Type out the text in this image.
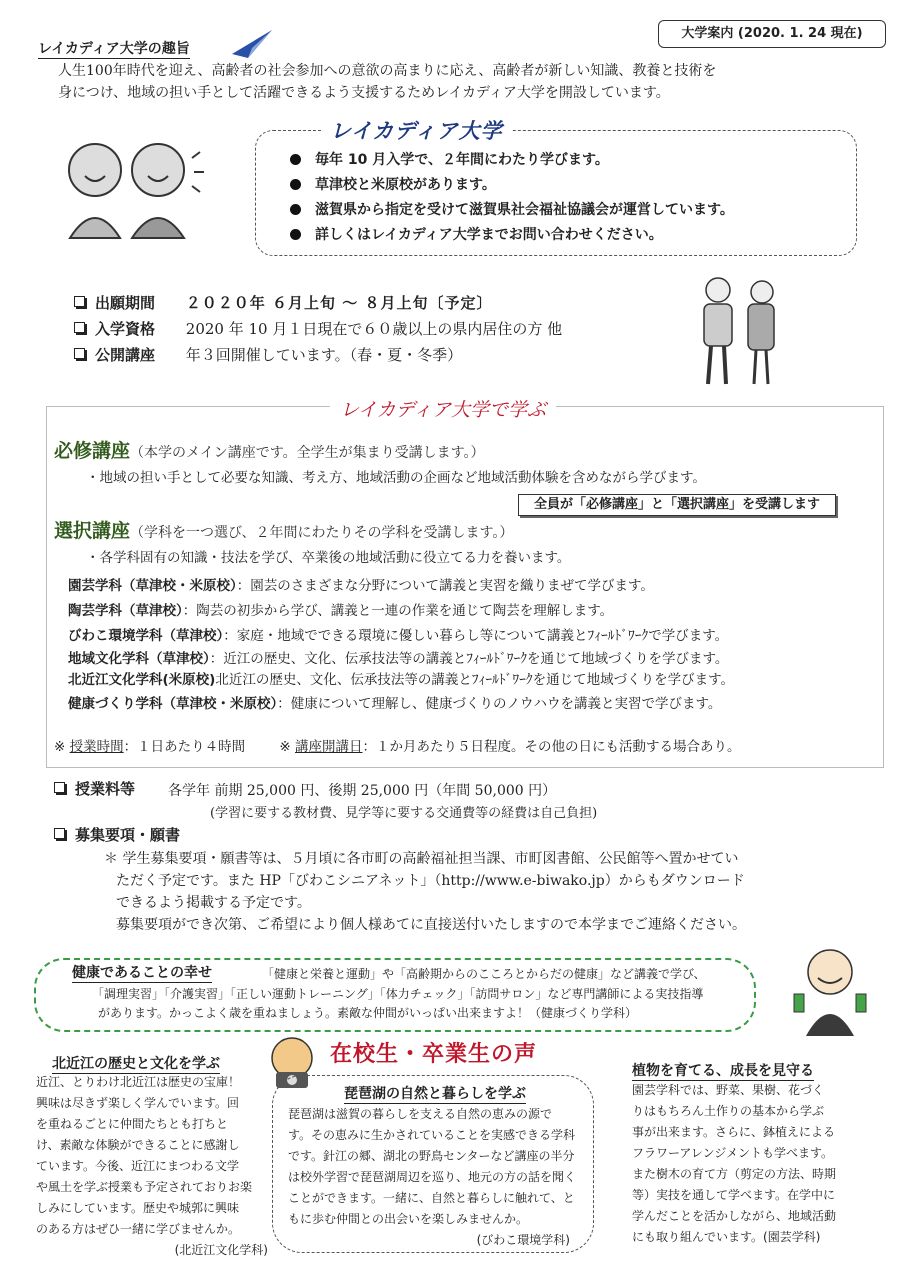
大学案内 (2020. 1. 24 現在)
レイカディア大学の趣旨
人生100年時代を迎え、高齢者の社会参加への意欲の高まりに応え、高齢者が新しい知識、教養と技術を
身につけ、地域の担い手として活躍できるよう支援するためレイカディア大学を開設しています。
レイカディア大学
毎年 10 月入学で、２年間にわたり学びます。
草津校と米原校があります。
滋賀県から指定を受けて滋賀県社会福祉協議会が運営しています。
詳しくはレイカディア大学までお問い合わせください。
出願期間 ２０２０年 ６月上旬 ～ ８月上旬〔予定〕
入学資格 2020 年 10 月１日現在で６０歳以上の県内居住の方 他
公開講座 年３回開催しています。（春・夏・冬季）
レイカディア大学で学ぶ
必修講座（本学のメイン講座です。全学生が集まり受講します。）
・地域の担い手として必要な知識、考え方、地域活動の企画など地域活動体験を含めながら学びます。
全員が「必修講座」と「選択講座」を受講します
選択講座（学科を一つ選び、２年間にわたりその学科を受講します。）
・各学科固有の知識・技法を学び、卒業後の地域活動に役立てる力を養います。
園芸学科（草津校・米原校）：園芸のさまざまな分野について講義と実習を織りまぜて学びます。
陶芸学科（草津校）：陶芸の初歩から学び、講義と一連の作業を通じて陶芸を理解します。
びわこ環境学科（草津校）：家庭・地域でできる環境に優しい暮らし等について講義とﾌｨｰﾙﾄﾞﾜｰｸで学びます。
地域文化学科（草津校）：近江の歴史、文化、伝承技法等の講義とﾌｨｰﾙﾄﾞﾜｰｸを通じて地域づくりを学びます。
北近江文化学科(米原校)北近江の歴史、文化、伝承技法等の講義とﾌｨｰﾙﾄﾞﾜｰｸを通じて地域づくりを学びます。
健康づくり学科（草津校・米原校）：健康について理解し、健康づくりのノウハウを講義と実習で学びます。
※ 授業時間：１日あたり４時間	※ 講座開講日：１か月あたり５日程度。その他の日にも活動する場合あり。
授業料等 各学年 前期 25,000 円、後期 25,000 円（年間 50,000 円）
(学習に要する教材費、見学等に要する交通費等の経費は自己負担)
募集要項・願書
＊ 学生募集要項・願書等は、５月頃に各市町の高齢福祉担当課、市町図書館、公民館等へ置かせてい
ただく予定です。また HP「びわこシニアネット」（http://www.e-biwako.jp）からもダウンロード
できるよう掲載する予定です。
募集要項ができ次第、ご希望により個人様あてに直接送付いたしますので本学までご連絡ください。
健康であることの幸せ	「健康と栄養と運動」や「高齢期からのこころとからだの健康」など講義で学び、
「調理実習」「介護実習」「正しい運動トレーニング」「体力チェック」「訪問サロン」など専門講師による実技指導
があります。かっこよく歳を重ねましょう。素敵な仲間がいっぱい出来ますよ！（健康づくり学科）
在校生・卒業生の声
北近江の歴史と文化を学ぶ
近江、とりわけ北近江は歴史の宝庫！
興味は尽きず楽しく学んでいます。回
を重ねるごとに仲間たちとも打ちと
け、素敵な体験ができることに感謝し
ています。今後、近江にまつわる文学
や風土を学ぶ授業も予定されておりお楽
しみにしています。歴史や城郭に興味
のある方はぜひ一緒に学びませんか。
(北近江文化学科)
琵琶湖の自然と暮らしを学ぶ
琵琶湖は滋賀の暮らしを支える自然の恵みの源で
す。その恵みに生かされていることを実感できる学科
です。針江の郷、湖北の野鳥センターなど講座の半分
は校外学習で琵琶湖周辺を巡り、地元の方の話を聞く
ことができます。一緒に、自然と暮らしに触れて、と
もに歩む仲間との出会いを楽しみませんか。
(びわこ環境学科)
植物を育てる、成長を見守る
園芸学科では、野菜、果樹、花づく
りはもちろん土作りの基本から学ぶ
事が出来ます。さらに、鉢植えによる
フラワーアレンジメントも学べます。
また樹木の育て方（剪定の方法、時期
等）実技を通して学べます。在学中に
学んだことを活かしながら、地域活動
にも取り組んでいます。(園芸学科)
